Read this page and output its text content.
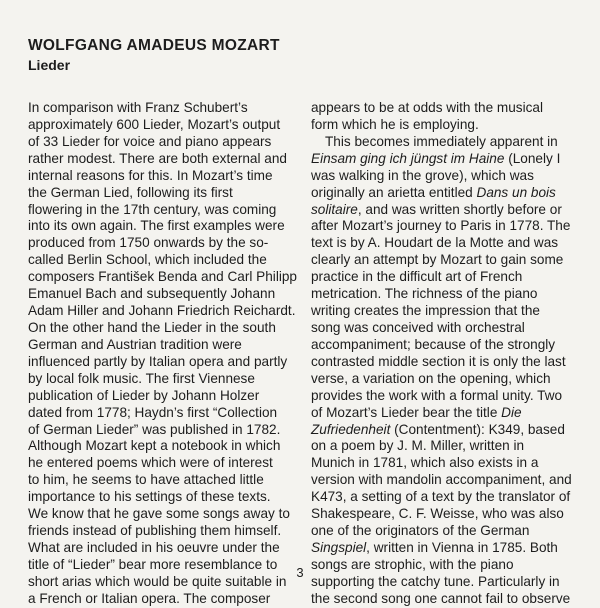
WOLFGANG AMADEUS MOZART
Lieder
In comparison with Franz Schubert’s
approximately 600 Lieder, Mozart’s output
of 33 Lieder for voice and piano appears
rather modest. There are both external and
internal reasons for this. In Mozart’s time
the German Lied, following its first
flowering in the 17th century, was coming
into its own again. The first examples were
produced from 1750 onwards by the so-
called Berlin School, which included the
composers František Benda and Carl Philipp
Emanuel Bach and subsequently Johann
Adam Hiller and Johann Friedrich Reichardt.
On the other hand the Lieder in the south
German and Austrian tradition were
influenced partly by Italian opera and partly
by local folk music. The first Viennese
publication of Lieder by Johann Holzer
dated from 1778; Haydn’s first “Collection
of German Lieder” was published in 1782.
Although Mozart kept a notebook in which
he entered poems which were of interest
to him, he seems to have attached little
importance to his settings of these texts.
We know that he gave some songs away to
friends instead of publishing them himself.
What are included in his oeuvre under the
title of “Lieder” bear more resemblance to
short arias which would be quite suitable in
a French or Italian opera. The composer
appears to be at odds with the musical
form which he is employing.
This becomes immediately apparent in
Einsam ging ich jüngst im Haine (Lonely I
was walking in the grove), which was
originally an arietta entitled Dans un bois
solitaire, and was written shortly before or
after Mozart’s journey to Paris in 1778. The
text is by A. Houdart de la Motte and was
clearly an attempt by Mozart to gain some
practice in the difficult art of French
metrication. The richness of the piano
writing creates the impression that the
song was conceived with orchestral
accompaniment; because of the strongly
contrasted middle section it is only the last
verse, a variation on the opening, which
provides the work with a formal unity. Two
of Mozart’s Lieder bear the title Die
Zufriedenheit (Contentment): K349, based
on a poem by J. M. Miller, written in
Munich in 1781, which also exists in a
version with mandolin accompaniment, and
K473, a setting of a text by the translator of
Shakespeare, C. F. Weisse, who was also
one of the originators of the German
Singspiel, written in Vienna in 1785. Both
songs are strophic, with the piano
supporting the catchy tune. Particularly in
the second song one cannot fail to observe
3
